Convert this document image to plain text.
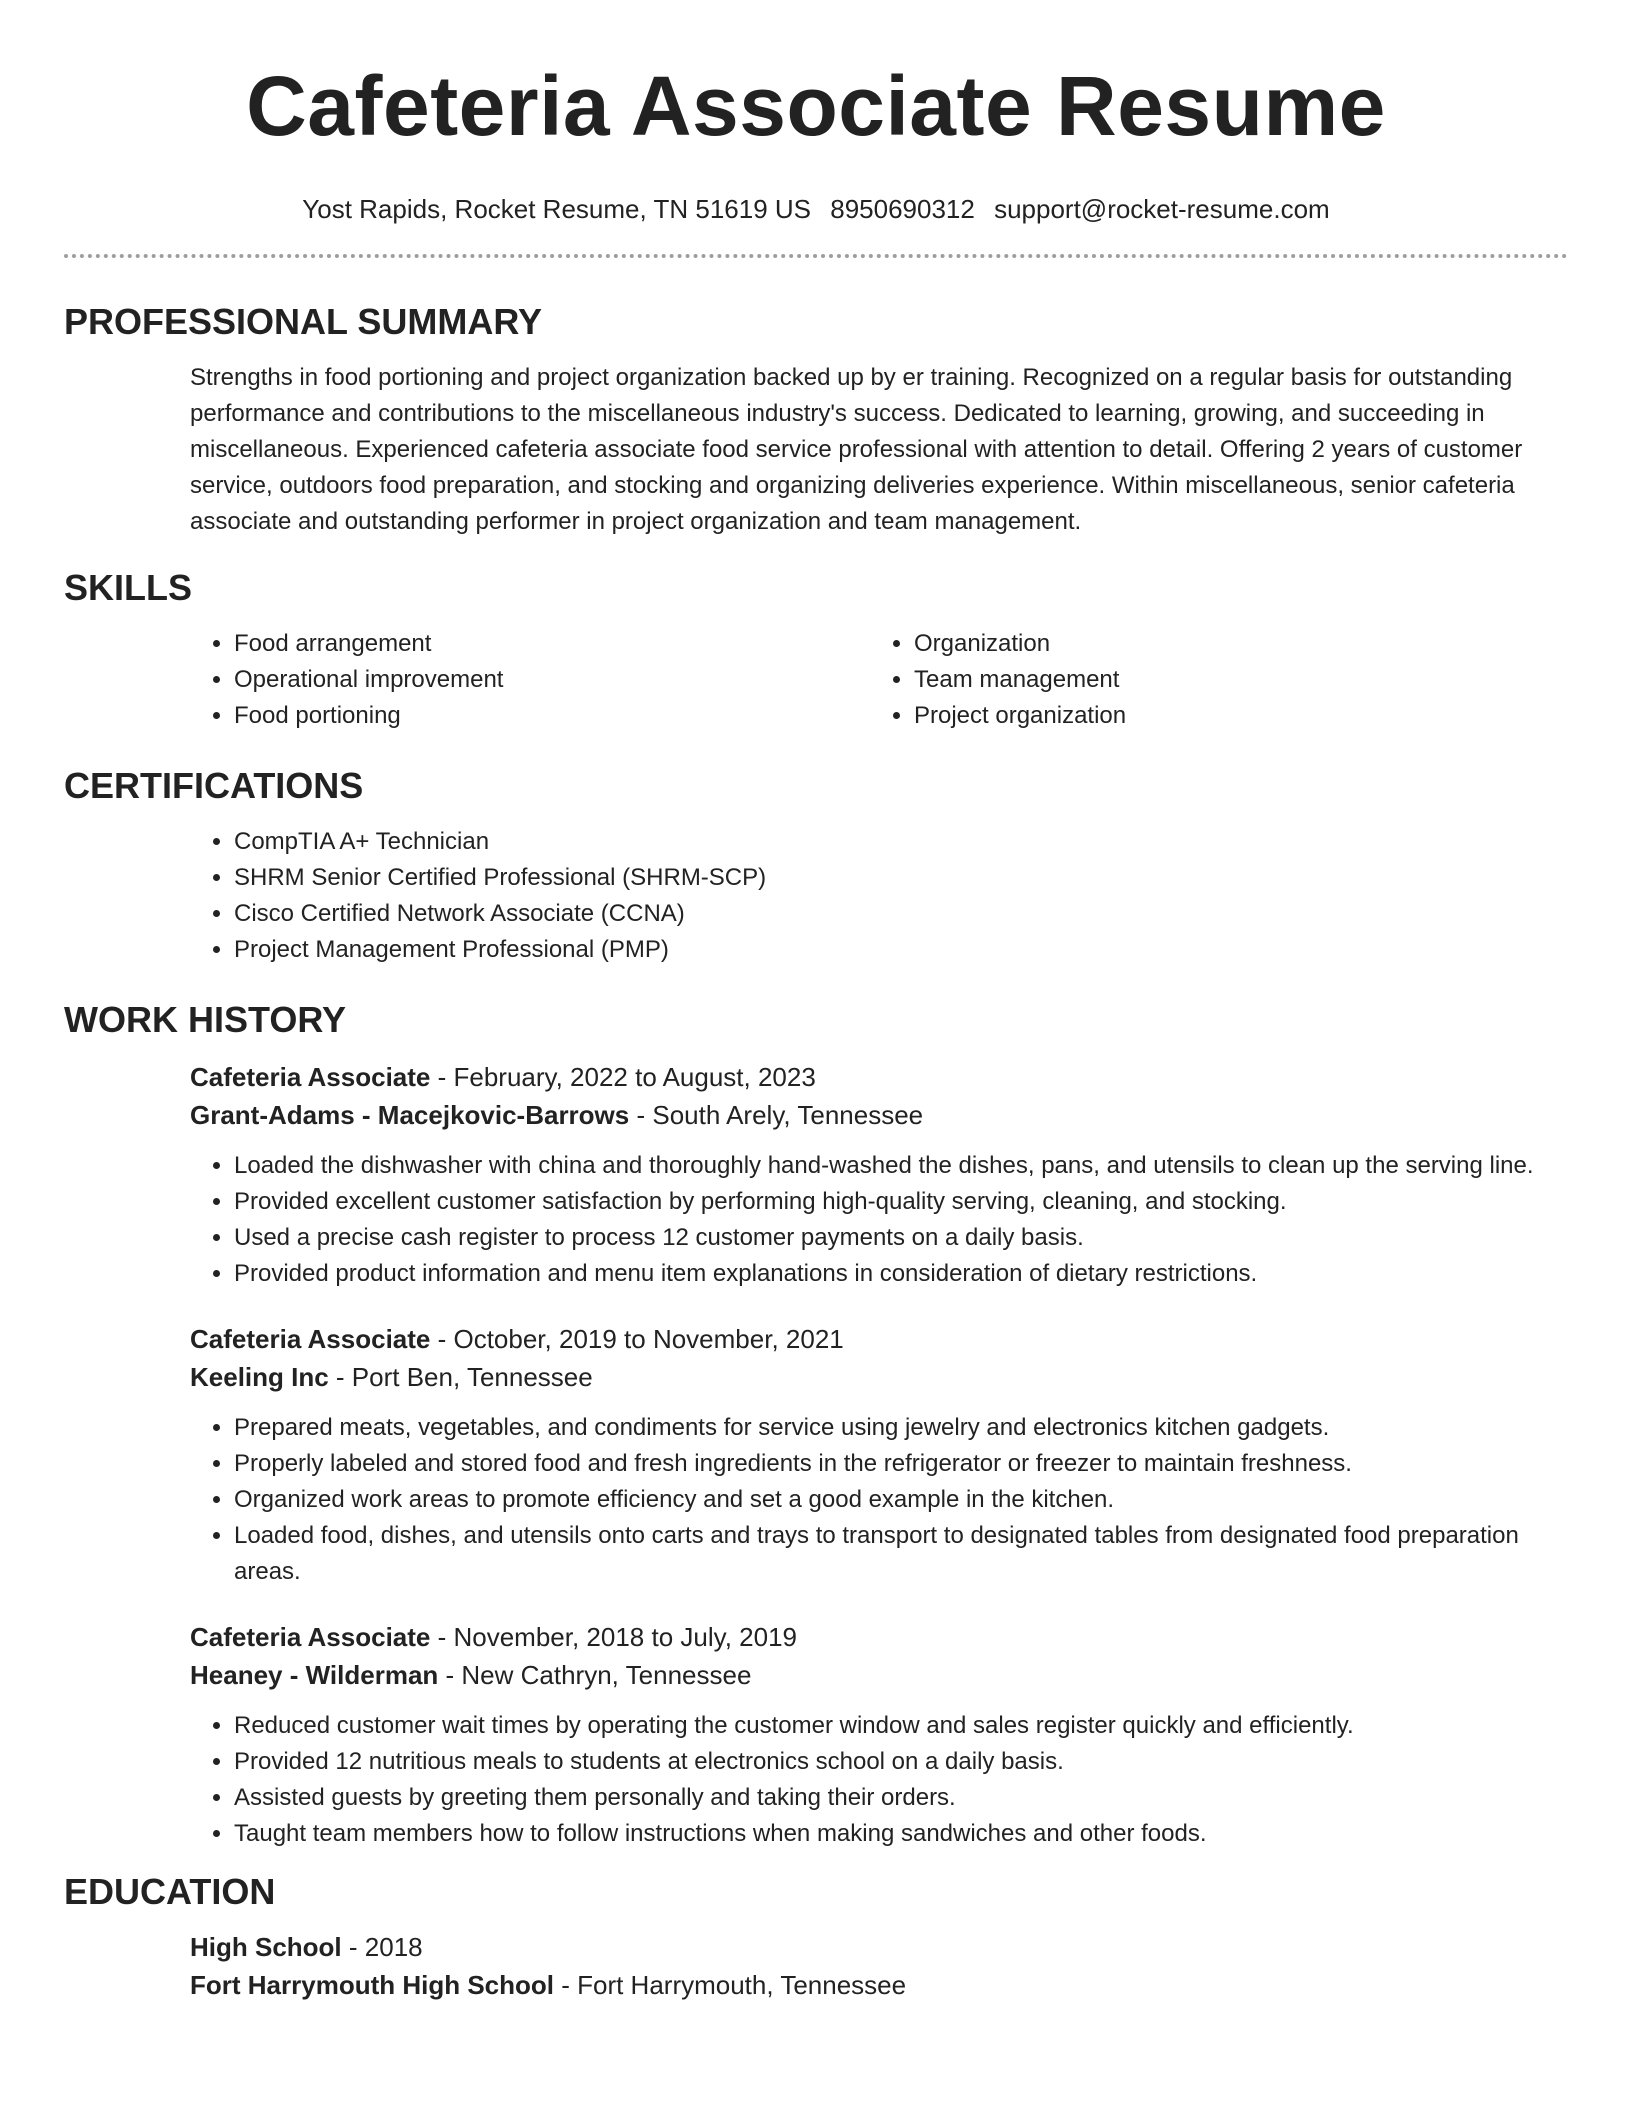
Cafeteria Associate Resume
Yost Rapids, Rocket Resume, TN 51619 US 8950690312 support@rocket-resume.com
PROFESSIONAL SUMMARY

Strengths in food portioning and project organization backed up by er training. Recognized on a regular basis for outstanding performance and contributions to the miscellaneous industry's success. Dedicated to learning, growing, and succeeding in miscellaneous. Experienced cafeteria associate food service professional with attention to detail. Offering 2 years of customer service, outdoors food preparation, and stocking and organizing deliveries experience. Within miscellaneous, senior cafeteria associate and outstanding performer in project organization and team management.

SKILLS
• Food arrangement
• Operational improvement
• Food portioning
• Organization
• Team management
• Project organization
CERTIFICATIONS
• CompTIA A+ Technician
• SHRM Senior Certified Professional (SHRM-SCP)
• Cisco Certified Network Associate (CCNA)
• Project Management Professional (PMP)
WORK HISTORY
Cafeteria Associate - February, 2022 to August, 2023
Grant-Adams - Macejkovic-Barrows - South Arely, Tennessee
• Loaded the dishwasher with china and thoroughly hand-washed the dishes, pans, and utensils to clean up the serving line.
• Provided excellent customer satisfaction by performing high-quality serving, cleaning, and stocking.
• Used a precise cash register to process 12 customer payments on a daily basis.
• Provided product information and menu item explanations in consideration of dietary restrictions.
Cafeteria Associate - October, 2019 to November, 2021
Keeling Inc - Port Ben, Tennessee
• Prepared meats, vegetables, and condiments for service using jewelry and electronics kitchen gadgets.
• Properly labeled and stored food and fresh ingredients in the refrigerator or freezer to maintain freshness.
• Organized work areas to promote efficiency and set a good example in the kitchen.
• Loaded food, dishes, and utensils onto carts and trays to transport to designated tables from designated food preparation areas.
Cafeteria Associate - November, 2018 to July, 2019
Heaney - Wilderman - New Cathryn, Tennessee
• Reduced customer wait times by operating the customer window and sales register quickly and efficiently.
• Provided 12 nutritious meals to students at electronics school on a daily basis.
• Assisted guests by greeting them personally and taking their orders.
• Taught team members how to follow instructions when making sandwiches and other foods.
EDUCATION
High School - 2018
Fort Harrymouth High School - Fort Harrymouth, Tennessee
